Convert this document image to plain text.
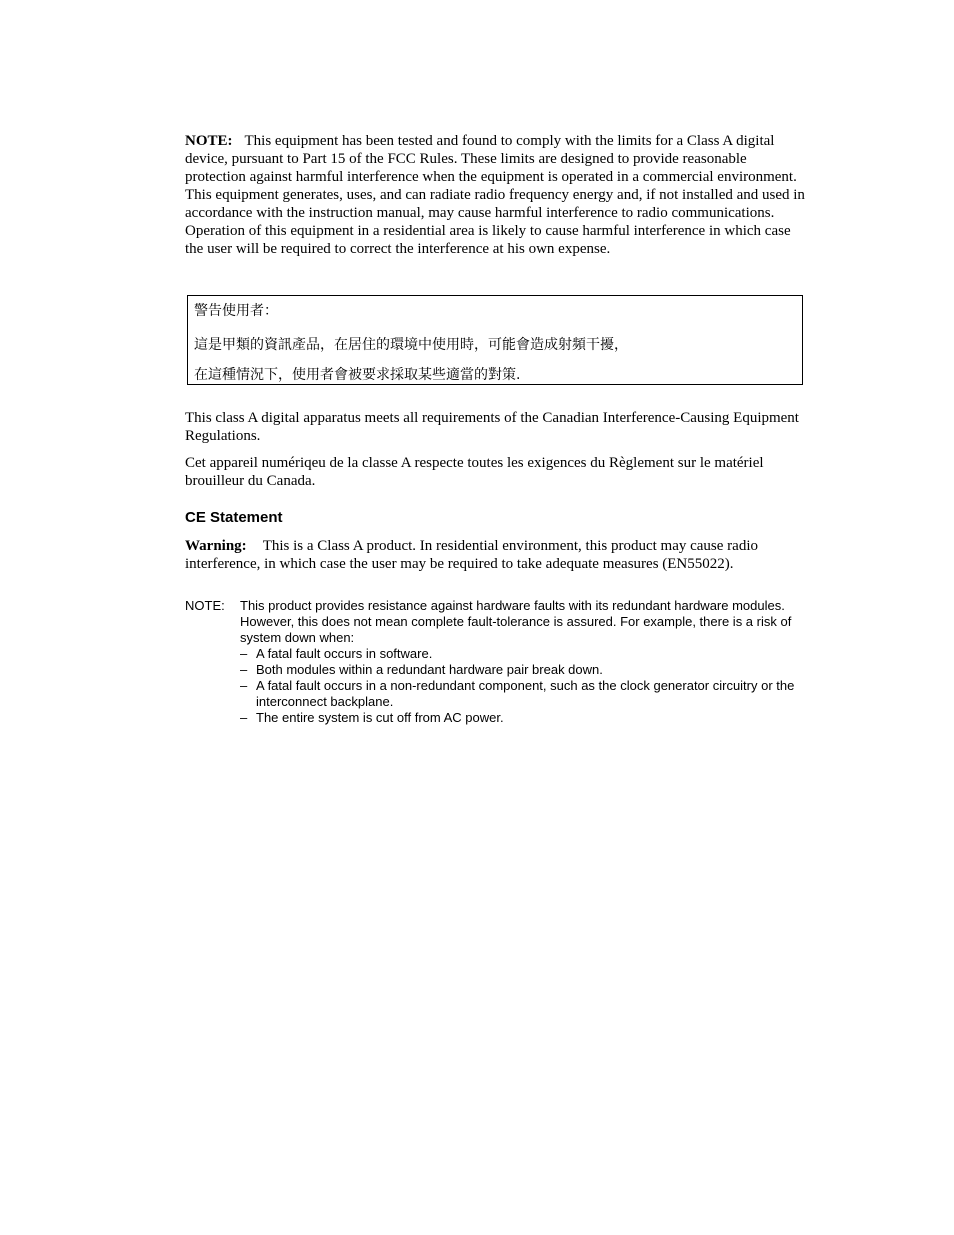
NOTE: This equipment has been tested and found to comply with the limits for a Class A digital device, pursuant to Part 15 of the FCC Rules. These limits are designed to provide reasonable protection against harmful interference when the equipment is operated in a commercial environment. This equipment generates, uses, and can radiate radio frequency energy and, if not installed and used in accordance with the instruction manual, may cause harmful interference to radio communications. Operation of this equipment in a residential area is likely to cause harmful interference in which case the user will be required to correct the interference at his own expense.

警告使用者：
這是甲類的資訊產品，在居住的環境中使用時，可能會造成射頻干擾，
在這種情況下，使用者會被要求採取某些適當的對策.

This class A digital apparatus meets all requirements of the Canadian Interference-Causing Equipment Regulations.

Cet appareil numériqeu de la classe A respecte toutes les exigences du Règlement sur le matériel brouilleur du Canada.

CE Statement

Warning: This is a Class A product. In residential environment, this product may cause radio interference, in which case the user may be required to take adequate measures (EN55022).

NOTE: This product provides resistance against hardware faults with its redundant hardware modules. However, this does not mean complete fault-tolerance is assured. For example, there is a risk of system down when:
– A fatal fault occurs in software.
– Both modules within a redundant hardware pair break down.
– A fatal fault occurs in a non-redundant component, such as the clock generator circuitry or the interconnect backplane.
– The entire system is cut off from AC power.
